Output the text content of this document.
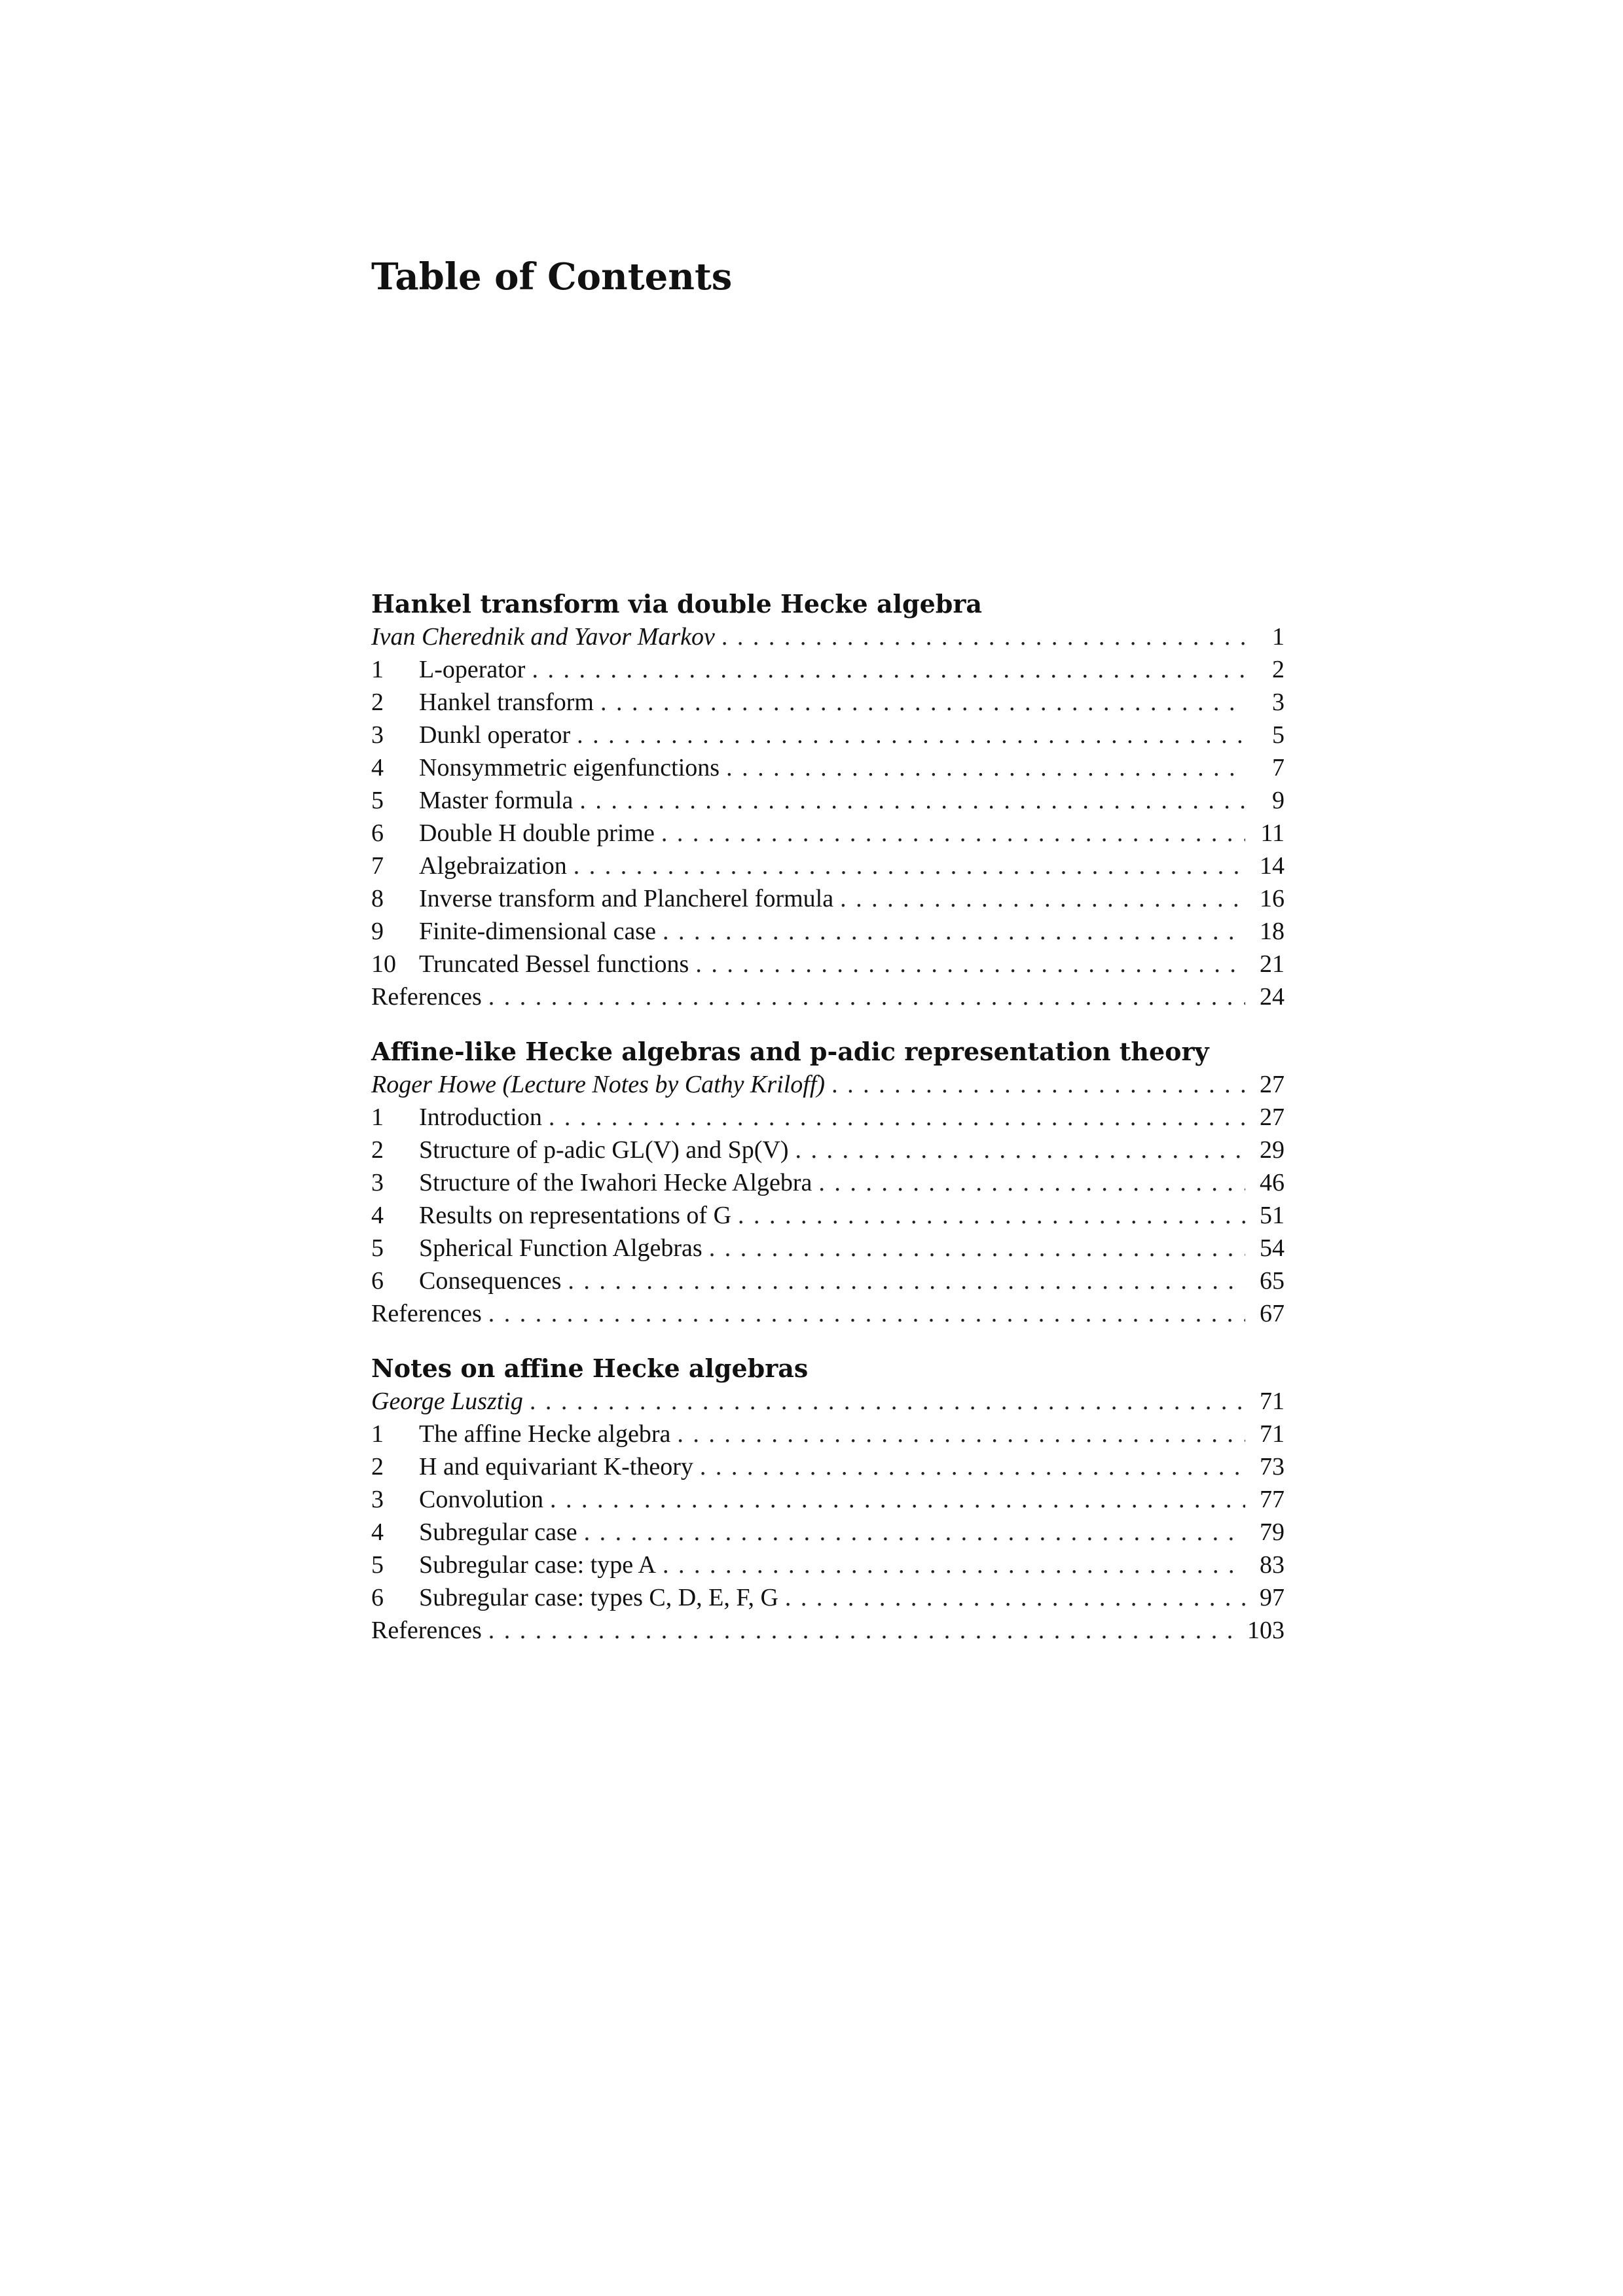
Table of Contents
Hankel transform via double Hecke algebra
Ivan Cherednik and Yavor Markov . . .	1
1	L-operator . . .	2
2	Hankel transform . . .	3
3	Dunkl operator . . .	5
4	Nonsymmetric eigenfunctions . . .	7
5	Master formula . . .	9
6	Double H double prime . . .	11
7	Algebraization . . .	14
8	Inverse transform and Plancherel formula . . .	16
9	Finite-dimensional case . . .	18
10 Truncated Bessel functions . . .	21
References . . .	24
Affine-like Hecke algebras and p-adic representation theory
Roger Howe (Lecture Notes by Cathy Kriloff) . . .	27
1	Introduction . . .	27
2	Structure of p-adic GL(V) and Sp(V) . . .	29
3	Structure of the Iwahori Hecke Algebra . . .	46
4	Results on representations of G . . .	51
5	Spherical Function Algebras . . .	54
6	Consequences . . .	65
References . . .	67
Notes on affine Hecke algebras
George Lusztig . . .	71
1	The affine Hecke algebra . . .	71
2	H and equivariant K-theory . . .	73
3	Convolution . . .	77
4	Subregular case . . .	79
5	Subregular case: type A . . .	83
6	Subregular case: types C, D, E, F, G . . .	97
References . . .	103
